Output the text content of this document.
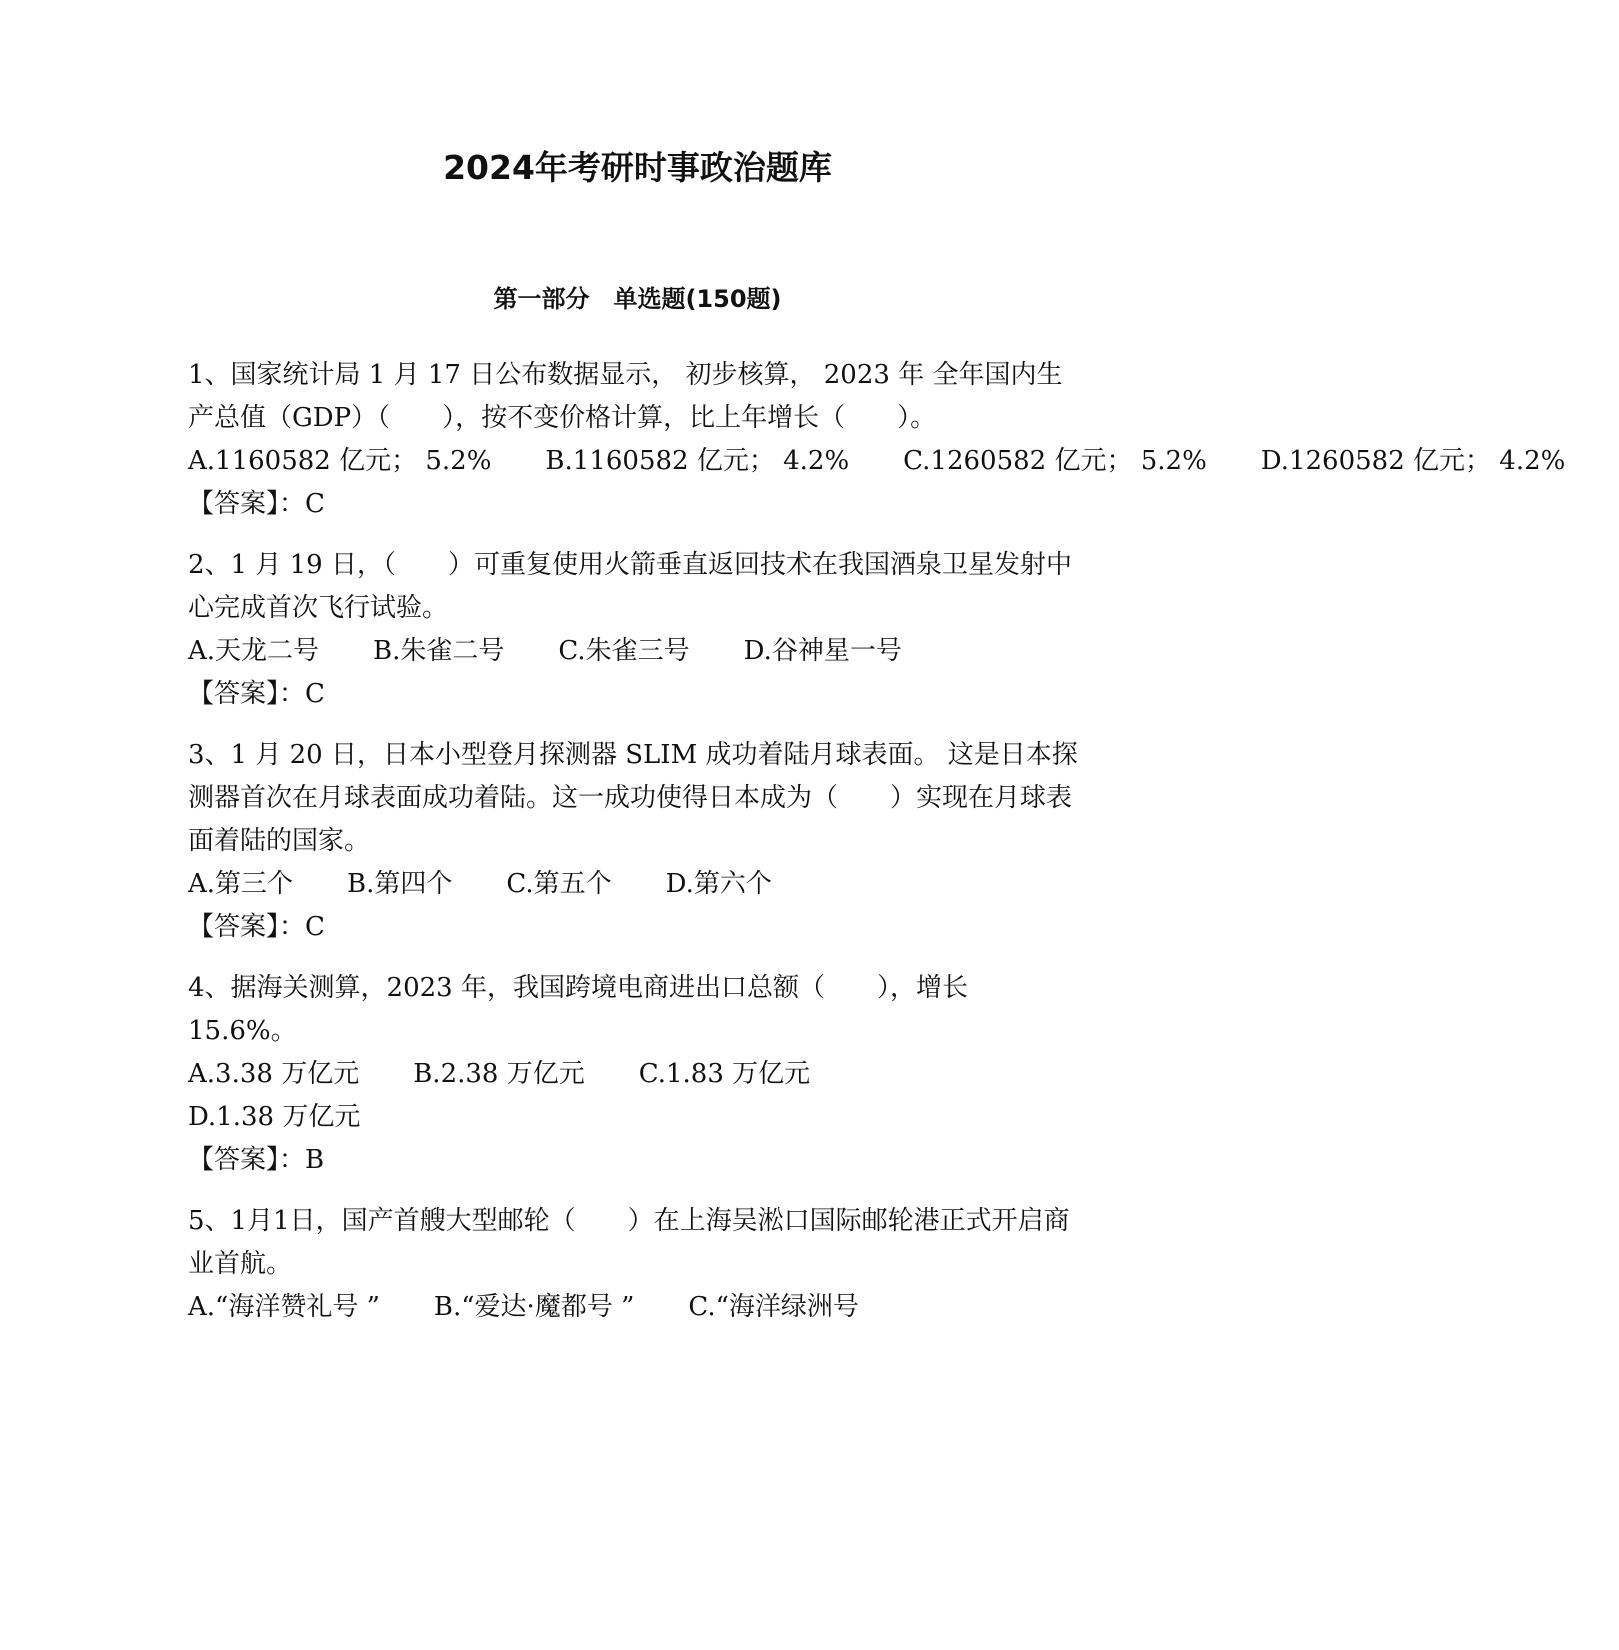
2024年考研时事政治题库
第一部分　单选题(150题)

1、国家统计局 1 月 17 日公布数据显示， 初步核算， 2023 年 全年国内生产总值（GDP）（　　），按不变价格计算，比上年增长（　　）。

A.1160582 亿元； 5.2% B.1160582 亿元； 4.2% C.1260582 亿元； 5.2% D.1260582 亿元； 4.2%

【答案】：C

2、1 月 19 日，（　　）可重复使用火箭垂直返回技术在我国酒泉卫星发射中心完成首次飞行试验。

A.天龙二号 B.朱雀二号 C.朱雀三号 D.谷神星一号

【答案】：C

3、1 月 20 日，日本小型登月探测器 SLIM 成功着陆月球表面。 这是日本探测器首次在月球表面成功着陆。这一成功使得日本成为（　　）实现在月球表面着陆的国家。

A.第三个 B.第四个 C.第五个 D.第六个

【答案】：C

4、据海关测算，2023 年，我国跨境电商进出口总额（　　），增长 15.6%。

A.3.38 万亿元 B.2.38 万亿元 C.1.83 万亿元D.1.38 万亿元

【答案】：B

5、1月1日，国产首艘大型邮轮（　　）在上海吴淞口国际邮轮港正式开启商业首航。

A.“海洋赞礼号 ” B.“爱达·魔都号 ” C.“海洋绿洲号
